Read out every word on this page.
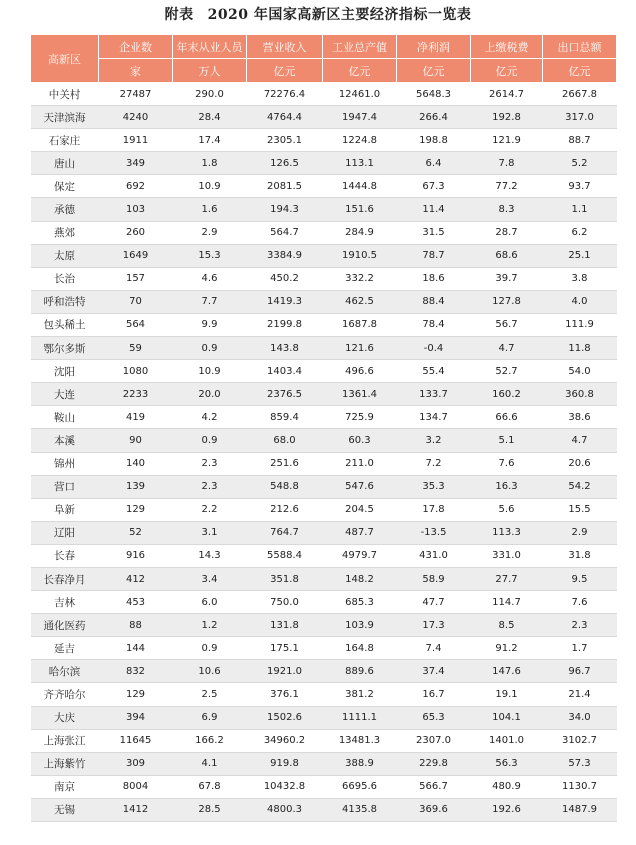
附表 2020 年国家高新区主要经济指标一览表
高新区	企业数	年末从业人员	营业收入	工业总产值	净利润	上缴税费	出口总额
	家	万人	亿元	亿元	亿元	亿元	亿元
中关村	27487	290.0	72276.4	12461.0	5648.3	2614.7	2667.8
天津滨海	4240	28.4	4764.4	1947.4	266.4	192.8	317.0
石家庄	1911	17.4	2305.1	1224.8	198.8	121.9	88.7
唐山	349	1.8	126.5	113.1	6.4	7.8	5.2
保定	692	10.9	2081.5	1444.8	67.3	77.2	93.7
承德	103	1.6	194.3	151.6	11.4	8.3	1.1
燕郊	260	2.9	564.7	284.9	31.5	28.7	6.2
太原	1649	15.3	3384.9	1910.5	78.7	68.6	25.1
长治	157	4.6	450.2	332.2	18.6	39.7	3.8
呼和浩特	70	7.7	1419.3	462.5	88.4	127.8	4.0
包头稀土	564	9.9	2199.8	1687.8	78.4	56.7	111.9
鄂尔多斯	59	0.9	143.8	121.6	-0.4	4.7	11.8
沈阳	1080	10.9	1403.4	496.6	55.4	52.7	54.0
大连	2233	20.0	2376.5	1361.4	133.7	160.2	360.8
鞍山	419	4.2	859.4	725.9	134.7	66.6	38.6
本溪	90	0.9	68.0	60.3	3.2	5.1	4.7
锦州	140	2.3	251.6	211.0	7.2	7.6	20.6
营口	139	2.3	548.8	547.6	35.3	16.3	54.2
阜新	129	2.2	212.6	204.5	17.8	5.6	15.5
辽阳	52	3.1	764.7	487.7	-13.5	113.3	2.9
长春	916	14.3	5588.4	4979.7	431.0	331.0	31.8
长春净月	412	3.4	351.8	148.2	58.9	27.7	9.5
吉林	453	6.0	750.0	685.3	47.7	114.7	7.6
通化医药	88	1.2	131.8	103.9	17.3	8.5	2.3
延吉	144	0.9	175.1	164.8	7.4	91.2	1.7
哈尔滨	832	10.6	1921.0	889.6	37.4	147.6	96.7
齐齐哈尔	129	2.5	376.1	381.2	16.7	19.1	21.4
大庆	394	6.9	1502.6	1111.1	65.3	104.1	34.0
上海张江	11645	166.2	34960.2	13481.3	2307.0	1401.0	3102.7
上海紫竹	309	4.1	919.8	388.9	229.8	56.3	57.3
南京	8004	67.8	10432.8	6695.6	566.7	480.9	1130.7
无锡	1412	28.5	4800.3	4135.8	369.6	192.6	1487.9
